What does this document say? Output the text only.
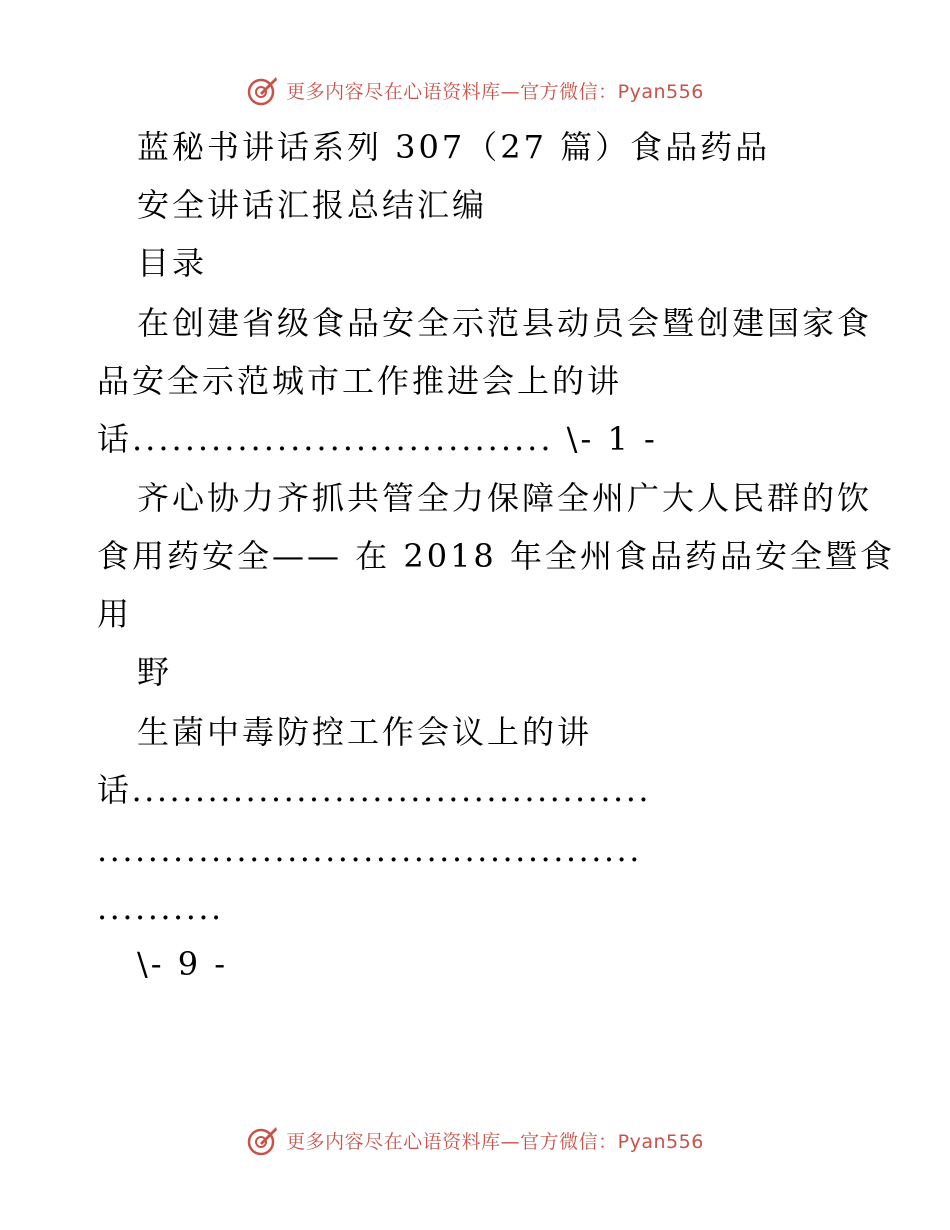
更多内容尽在心语资料库—官方微信：Pyan556
蓝秘书讲话系列 307（27 篇）食品药品
安全讲话汇报总结汇编
目录
在创建省级食品安全示范县动员会暨创建国家食
品安全示范城市工作推进会上的讲
话................................ \- 1 -
齐心协力齐抓共管全力保障全州广大人民群的饮
食用药安全—— 在 2018 年全州食品药品安全暨食
用
野
生菌中毒防控工作会议上的讲
话.........................................
...........................................
..........
\- 9 -
更多内容尽在心语资料库—官方微信：Pyan556
